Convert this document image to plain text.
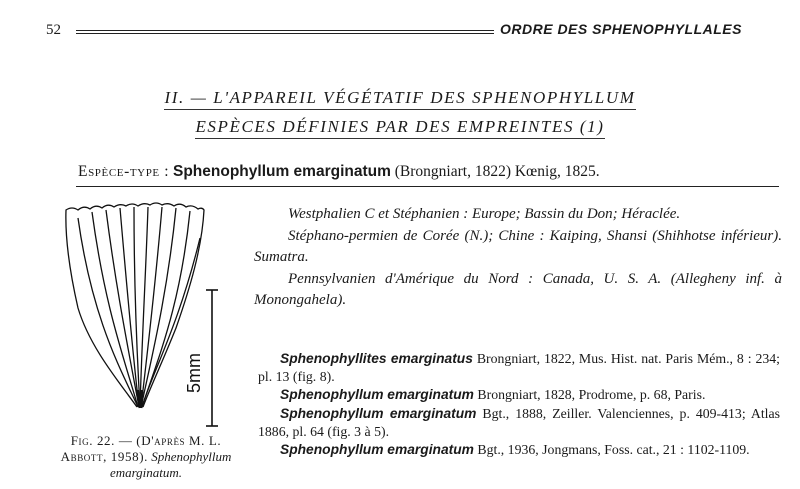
52	ORDRE DES SPHENOPHYLLALES
II. — L'APPAREIL VÉGÉTATIF DES SPHENOPHYLLUM
ESPÈCES DÉFINIES PAR DES EMPREINTES (1)
Espèce-type : Sphenophyllum emarginatum (Brongniart, 1822) Kœnig, 1825.
5mm
Fig. 22. — (D'après M. L. Abbott, 1958). Sphenophyllum emarginatum.

Westphalien C et Stéphanien : Europe; Bassin du Don; Héraclée.

Stéphano-permien de Corée (N.); Chine : Kaiping, Shansi (Shihhotse inférieur). Sumatra.

Pennsylvanien d'Amérique du Nord : Canada, U. S. A. (Allegheny inf. à Monongahela).

Sphenophyllites emarginatus Brongniart, 1822, Mus. Hist. nat. Paris Mém., 8 : 234; pl. 13 (fig. 8).

Sphenophyllum emarginatum Brongniart, 1828, Prodrome, p. 68, Paris.

Sphenophyllum emarginatum Bgt., 1888, Zeiller. Valenciennes, p. 409-413; Atlas 1886, pl. 64 (fig. 3 à 5).

Sphenophyllum emarginatum Bgt., 1936, Jongmans, Foss. cat., 21 : 1102-1109.
